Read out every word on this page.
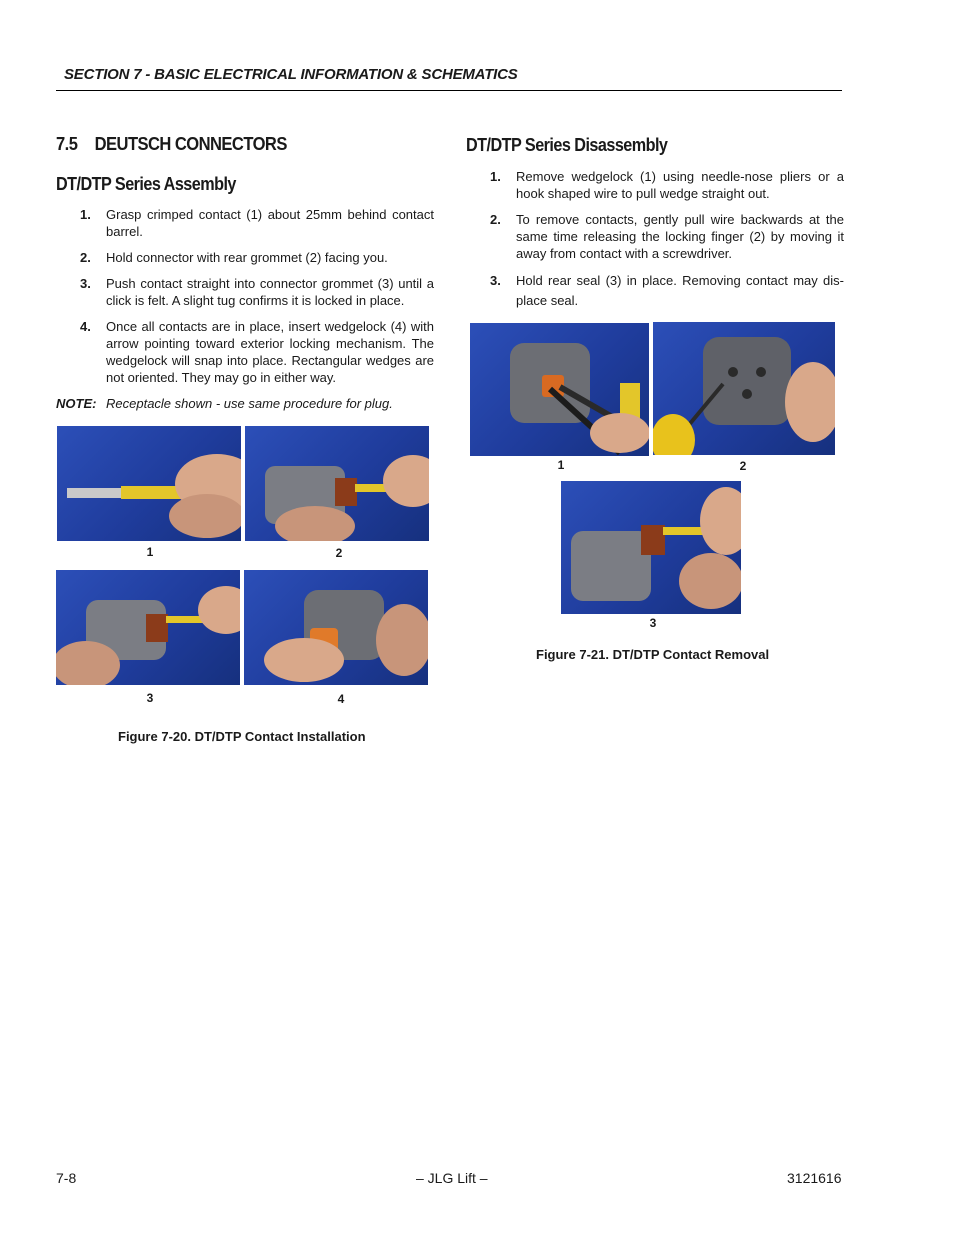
SECTION 7 - BASIC ELECTRICAL INFORMATION & SCHEMATICS
7.5 DEUTSCH CONNECTORS
DT/DTP Series Assembly
1. Grasp crimped contact (1) about 25mm behind contact barrel.
2. Hold connector with rear grommet (2) facing you.
3. Push contact straight into connector grommet (3) until a click is felt. A slight tug confirms it is locked in place.
4. Once all contacts are in place, insert wedgelock (4) with arrow pointing toward exterior locking mechanism. The wedgelock will snap into place. Rectangular wedges are not oriented. They may go in either way.
NOTE: Receptacle shown - use same procedure for plug.
1	2
3	4
Figure 7-20. DT/DTP Contact Installation
DT/DTP Series Disassembly
1. Remove wedgelock (1) using needle-nose pliers or a hook shaped wire to pull wedge straight out.
2. To remove contacts, gently pull wire backwards at the same time releasing the locking finger (2) by moving it away from contact with a screwdriver.
3. Hold rear seal (3) in place. Removing contact may dis-place seal.
1	2
3
Figure 7-21. DT/DTP Contact Removal
7-8	– JLG Lift –	3121616
